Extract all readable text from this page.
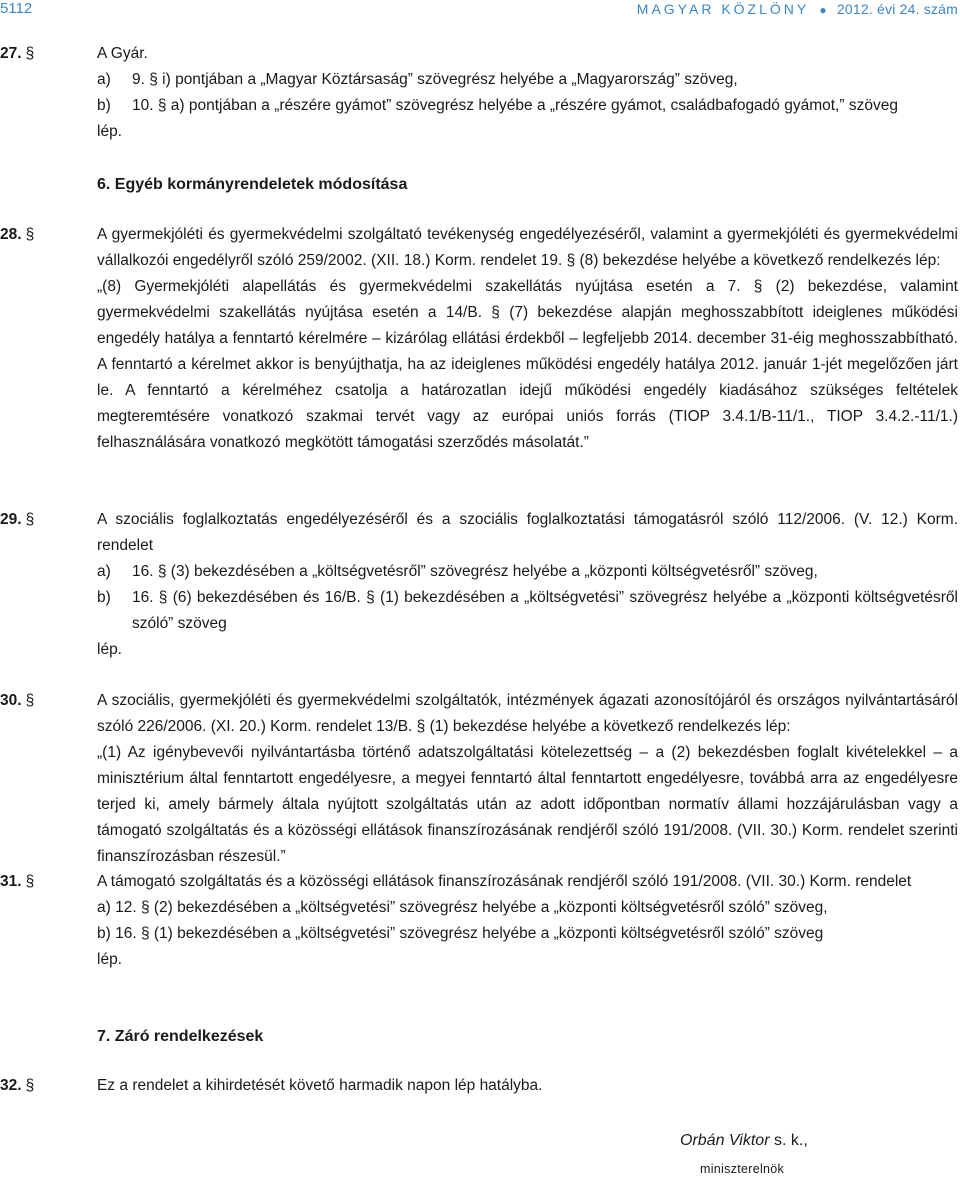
5112	MAGYAR KÖZLÖNY ● 2012. évi 24. szám
27. §	A Gyár.
a) 9. § i) pontjában a „Magyar Köztársaság” szövegrész helyébe a „Magyarország” szöveg,
b) 10. § a) pontjában a „részére gyámot” szövegrész helyébe a „részére gyámot, családbafogadó gyámot,” szöveg
lép.
6. Egyéb kormányrendeletek módosítása
28. §	A gyermekjóléti és gyermekvédelmi szolgáltató tevékenység engedélyezéséről, valamint a gyermekjóléti és gyermekvédelmi vállalkozói engedélyről szóló 259/2002. (XII. 18.) Korm. rendelet 19. § (8) bekezdése helyébe a következő rendelkezés lép:
„(8) Gyermekjóléti alapellátás és gyermekvédelmi szakellátás nyújtása esetén a 7. § (2) bekezdése, valamint gyermekvédelmi szakellátás nyújtása esetén a 14/B. § (7) bekezdése alapján meghosszabbított ideiglenes működési engedély hatálya a fenntartó kérelmére – kizárólag ellátási érdekből – legfeljebb 2014. december 31-éig meghosszabbítható. A fenntartó a kérelmet akkor is benyújthatja, ha az ideiglenes működési engedély hatálya 2012. január 1-jét megelőzően járt le. A fenntartó a kérelméhez csatolja a határozatlan idejű működési engedély kiadásához szükséges feltételek megteremtésére vonatkozó szakmai tervét vagy az európai uniós forrás (TIOP 3.4.1/B-11/1., TIOP 3.4.2.-11/1.) felhasználására vonatkozó megkötött támogatási szerződés másolatát.”
29. §	A szociális foglalkoztatás engedélyezéséről és a szociális foglalkoztatási támogatásról szóló 112/2006. (V. 12.) Korm. rendelet
a) 16. § (3) bekezdésében a „költségvetésről” szövegrész helyébe a „központi költségvetésről” szöveg,
b) 16. § (6) bekezdésében és 16/B. § (1) bekezdésében a „költségvetési” szövegrész helyébe a „központi költségvetésről szóló” szöveg
lép.
30. §	A szociális, gyermekjóléti és gyermekvédelmi szolgáltatók, intézmények ágazati azonosítójáról és országos nyilvántartásáról szóló 226/2006. (XI. 20.) Korm. rendelet 13/B. § (1) bekezdése helyébe a következő rendelkezés lép:
„(1) Az igénybevevői nyilvántartásba történő adatszolgáltatási kötelezettség – a (2) bekezdésben foglalt kivételekkel – a minisztérium által fenntartott engedélyesre, a megyei fenntartó által fenntartott engedélyesre, továbbá arra az engedélyesre terjed ki, amely bármely általa nyújtott szolgáltatás után az adott időpontban normatív állami hozzájárulásban vagy a támogató szolgáltatás és a közösségi ellátások finanszírozásának rendjéről szóló 191/2008. (VII. 30.) Korm. rendelet szerinti finanszírozásban részesül.”
31. §	A támogató szolgáltatás és a közösségi ellátások finanszírozásának rendjéről szóló 191/2008. (VII. 30.) Korm. rendelet
a) 12. § (2) bekezdésében a „költségvetési” szövegrész helyébe a „központi költségvetésről szóló” szöveg,
b) 16. § (1) bekezdésében a „költségvetési” szövegrész helyébe a „központi költségvetésről szóló” szöveg
lép.
7. Záró rendelkezések
32. §	Ez a rendelet a kihirdetését követő harmadik napon lép hatályba.
Orbán Viktor s. k.,
miniszterelnök
